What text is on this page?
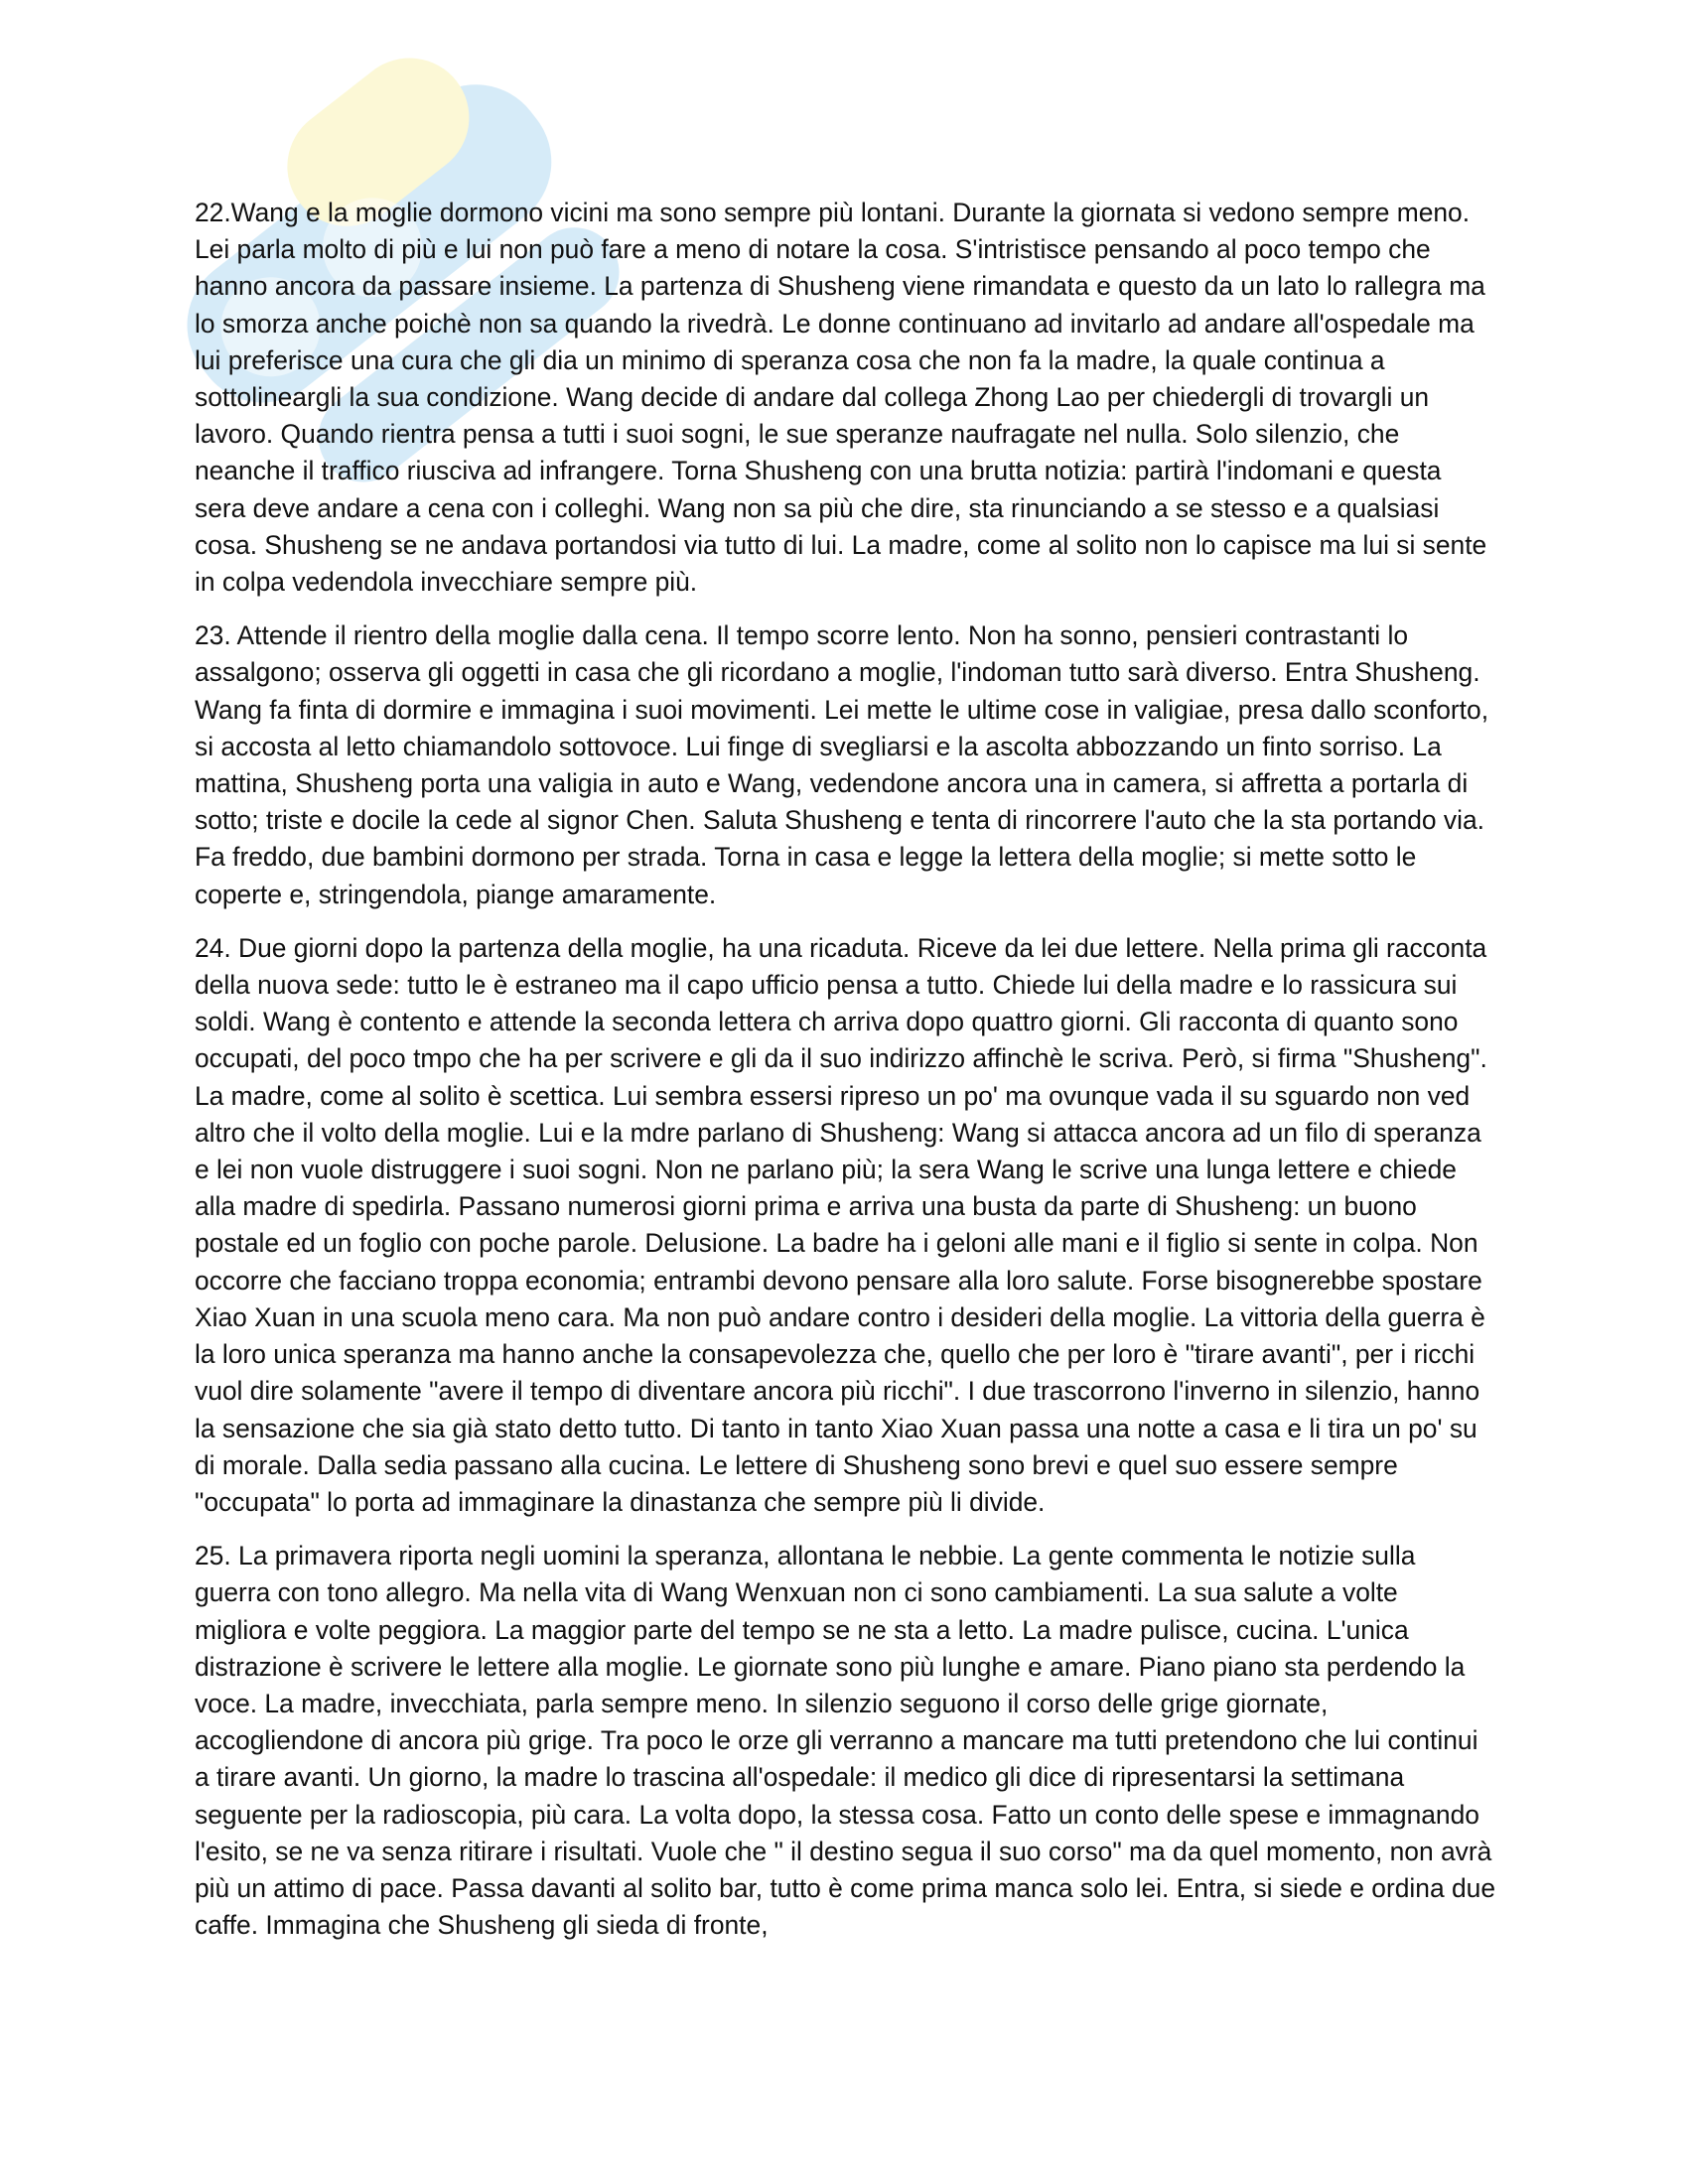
22.Wang e la moglie dormono vicini ma sono sempre più lontani. Durante la giornata si vedono sempre meno. Lei parla molto di più e lui non può fare a meno di notare la cosa. S'intristisce pensando al poco tempo che hanno ancora da passare insieme. La partenza di Shusheng viene rimandata e questo da un lato lo rallegra ma lo smorza anche poichè non sa quando la rivedrà. Le donne continuano ad invitarlo ad andare all'ospedale ma lui preferisce una cura che gli dia un minimo di speranza cosa che non fa la madre, la quale continua a sottolineargli la sua condizione. Wang decide di andare dal collega Zhong Lao per chiedergli di trovargli un lavoro. Quando rientra pensa a tutti i suoi sogni, le sue speranze naufragate nel nulla. Solo silenzio, che neanche il traffico riusciva ad infrangere. Torna Shusheng con una brutta notizia: partirà l'indomani e questa sera deve andare a cena con i colleghi. Wang non sa più che dire, sta rinunciando a se stesso e a qualsiasi cosa. Shusheng se ne andava portandosi via tutto di lui. La madre, come al solito non lo capisce ma lui si sente in colpa vedendola invecchiare sempre più.

23. Attende il rientro della moglie dalla cena. Il tempo scorre lento. Non ha sonno, pensieri contrastanti lo assalgono; osserva gli oggetti in casa che gli ricordano a moglie, l'indoman tutto sarà diverso. Entra Shusheng. Wang fa finta di dormire e immagina i suoi movimenti. Lei mette le ultime cose in valigiae, presa dallo sconforto, si accosta al letto chiamandolo sottovoce. Lui finge di svegliarsi e la ascolta abbozzando un finto sorriso. La mattina, Shusheng porta una valigia in auto e Wang, vedendone ancora una in camera, si affretta a portarla di sotto; triste e docile la cede al signor Chen. Saluta Shusheng e tenta di rincorrere l'auto che la sta portando via. Fa freddo, due bambini dormono per strada. Torna in casa e legge la lettera della moglie; si mette sotto le coperte e, stringendola, piange amaramente.

24. Due giorni dopo la partenza della moglie, ha una ricaduta. Riceve da lei due lettere. Nella prima gli racconta della nuova sede: tutto le è estraneo ma il capo ufficio pensa a tutto. Chiede lui della madre e lo rassicura sui soldi. Wang è contento e attende la seconda lettera ch arriva dopo quattro giorni. Gli racconta di quanto sono occupati, del poco tmpo che ha per scrivere e gli da il suo indirizzo affinchè le scriva. Però, si firma "Shusheng". La madre, come al solito è scettica. Lui sembra essersi ripreso un po' ma ovunque vada il su sguardo non ved altro che il volto della moglie. Lui e la mdre parlano di Shusheng: Wang si attacca ancora ad un filo di speranza e lei non vuole distruggere i suoi sogni. Non ne parlano più; la sera Wang le scrive una lunga lettere e chiede alla madre di spedirla. Passano numerosi giorni prima e arriva una busta da parte di Shusheng: un buono postale ed un foglio con poche parole. Delusione. La badre ha i geloni alle mani e il figlio si sente in colpa. Non occorre che facciano troppa economia; entrambi devono pensare alla loro salute. Forse bisognerebbe spostare Xiao Xuan in una scuola meno cara. Ma non può andare contro i desideri della moglie. La vittoria della guerra è la loro unica speranza ma hanno anche la consapevolezza che, quello che per loro è "tirare avanti", per i ricchi vuol dire solamente "avere il tempo di diventare ancora più ricchi". I due trascorrono l'inverno in silenzio, hanno la sensazione che sia già stato detto tutto. Di tanto in tanto Xiao Xuan passa una notte a casa e li tira un po' su di morale. Dalla sedia passano alla cucina. Le lettere di Shusheng sono brevi e quel suo essere sempre "occupata" lo porta ad immaginare la dinastanza che sempre più li divide.

25. La primavera riporta negli uomini la speranza, allontana le nebbie. La gente commenta le notizie sulla guerra con tono allegro. Ma nella vita di Wang Wenxuan non ci sono cambiamenti. La sua salute a volte migliora e volte peggiora. La maggior parte del tempo se ne sta a letto. La madre pulisce, cucina. L'unica distrazione è scrivere le lettere alla moglie. Le giornate sono più lunghe e amare. Piano piano sta perdendo la voce. La madre, invecchiata, parla sempre meno. In silenzio seguono il corso delle grige giornate, accogliendone di ancora più grige. Tra poco le orze gli verranno a mancare ma tutti pretendono che lui continui a tirare avanti. Un giorno, la madre lo trascina all'ospedale: il medico gli dice di ripresentarsi la settimana seguente per la radioscopia, più cara. La volta dopo, la stessa cosa. Fatto un conto delle spese e immagnando l'esito, se ne va senza ritirare i risultati. Vuole che " il destino segua il suo corso" ma da quel momento, non avrà più un attimo di pace. Passa davanti al solito bar, tutto è come prima manca solo lei. Entra, si siede e ordina due caffe. Immagina che Shusheng gli sieda di fronte,
